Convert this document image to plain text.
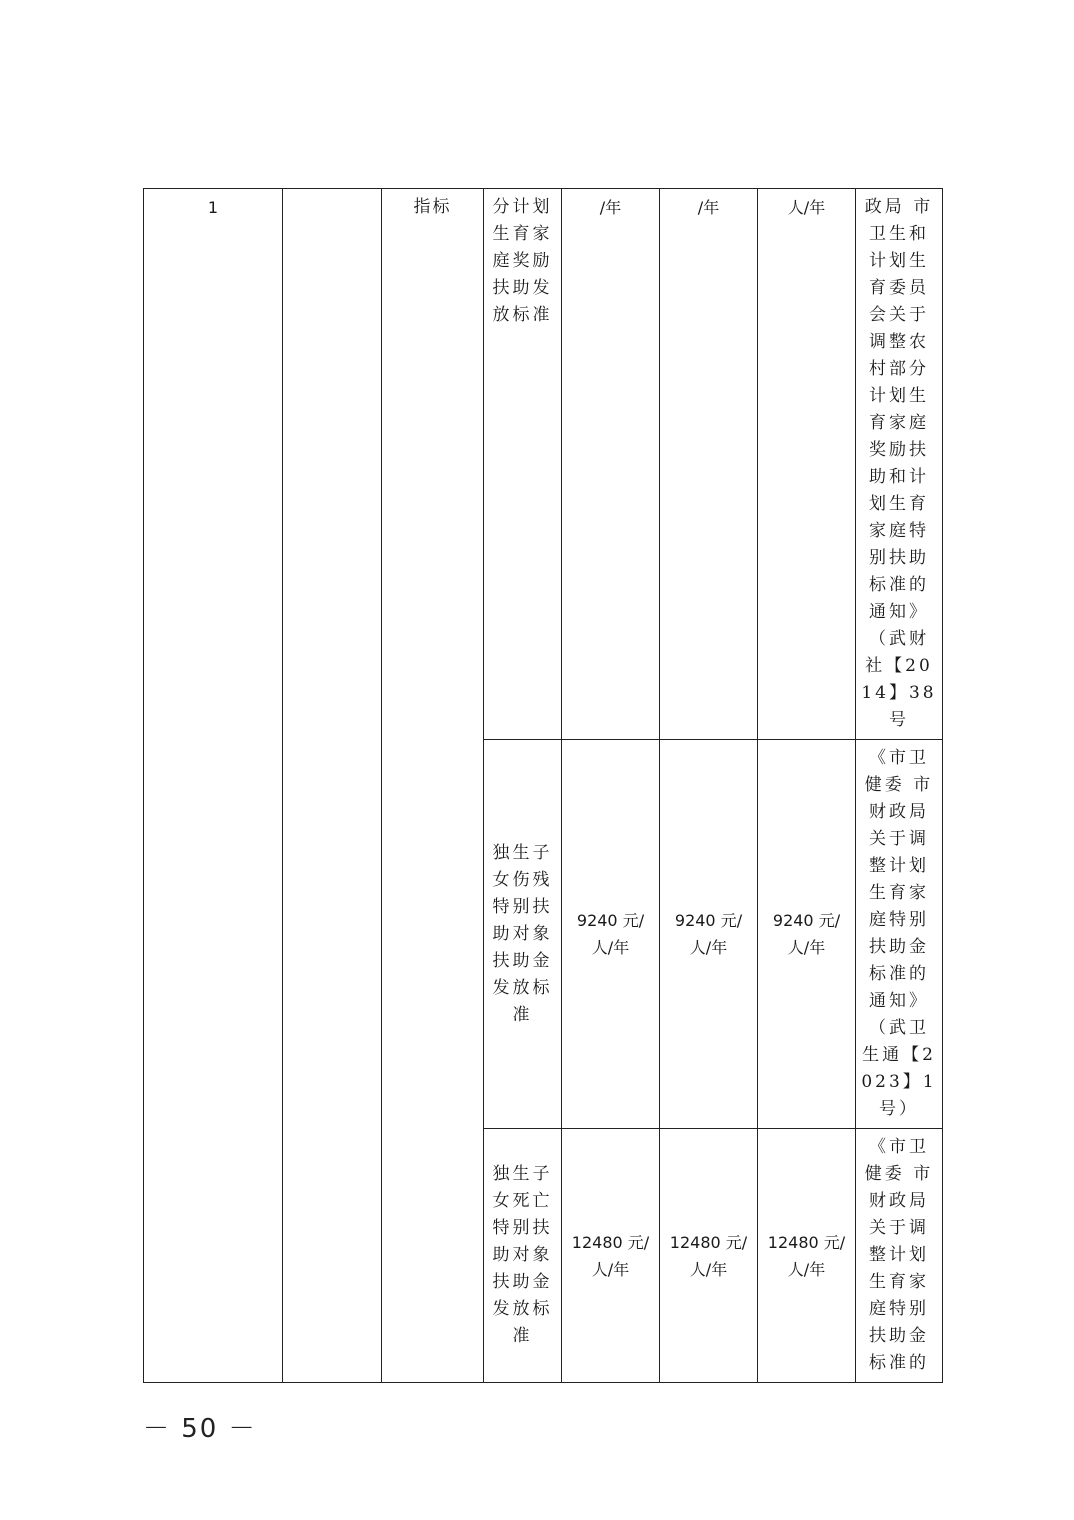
1		指标	分计划生育家庭奖励扶助发放标准	/年	/年	人/年	政局 市卫生和计划生育委员会关于调整农村部分计划生育家庭奖励扶助和计划生育家庭特别扶助标准的通知》（武财社【2014】38 号

			独生子女伤残特别扶助对象扶助金发放标准	9240 元/人/年	9240 元/人/年	9240 元/人/年	《市卫健委 市财政局关于调整计划生育家庭特别扶助金标准的通知》（武卫生通【2023】1 号）

			独生子女死亡特别扶助对象扶助金发放标准	12480 元/人/年	12480 元/人/年	12480 元/人/年	《市卫健委 市财政局关于调整计划生育家庭特别扶助金标准的
－ 50 －
